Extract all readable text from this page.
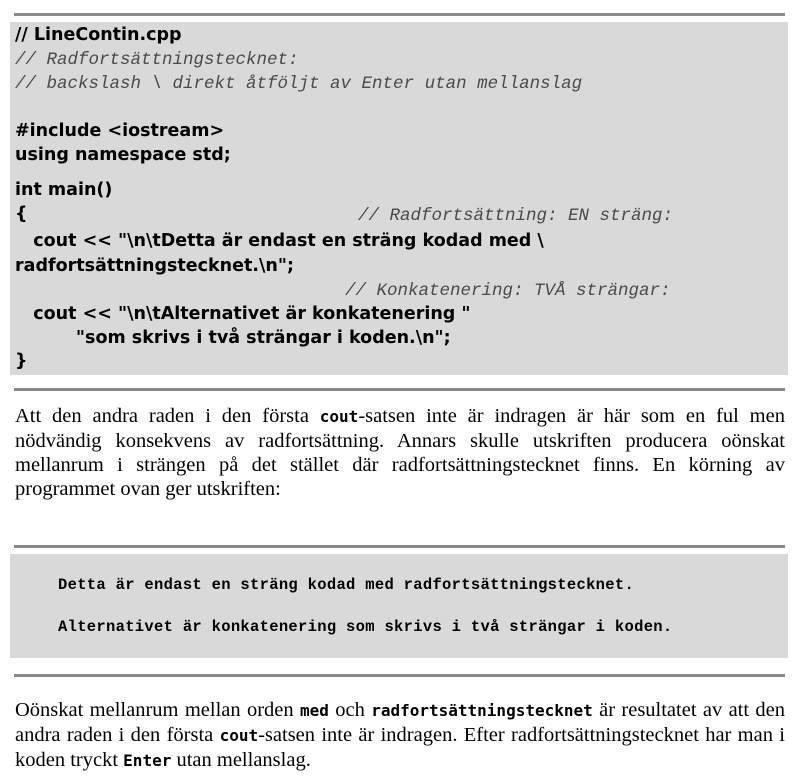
// LineContin.cpp
// Radfortsättningstecknet:
// backslash \ direkt åtföljt av Enter utan mellanslag
#include <iostream>
using namespace std;
int main()
{	// Radfortsättning: EN sträng:
cout << "\n\tDetta är endast en sträng kodad med \
radfortsättningstecknet.\n";
// Konkatenering: TVÅ strängar:
cout << "\n\tAlternativet är konkatenering "
"som skrivs i två strängar i koden.\n";
}

Att den andra raden i den första cout-satsen inte är indragen är här som en ful men nödvändig konsekvens av radfortsättning. Annars skulle utskriften producera oönskat mellanrum i strängen på det stället där radfortsättningstecknet finns. En körning av programmet ovan ger utskriften:

Detta är endast en sträng kodad med radfortsättningstecknet.
Alternativet är konkatenering som skrivs i två strängar i koden.

Oönskat mellanrum mellan orden med och radfortsättningstecknet är resultatet av att den andra raden i den första cout-satsen inte är indragen. Efter radfortsättningstecknet har man i koden tryckt Enter utan mellanslag.
